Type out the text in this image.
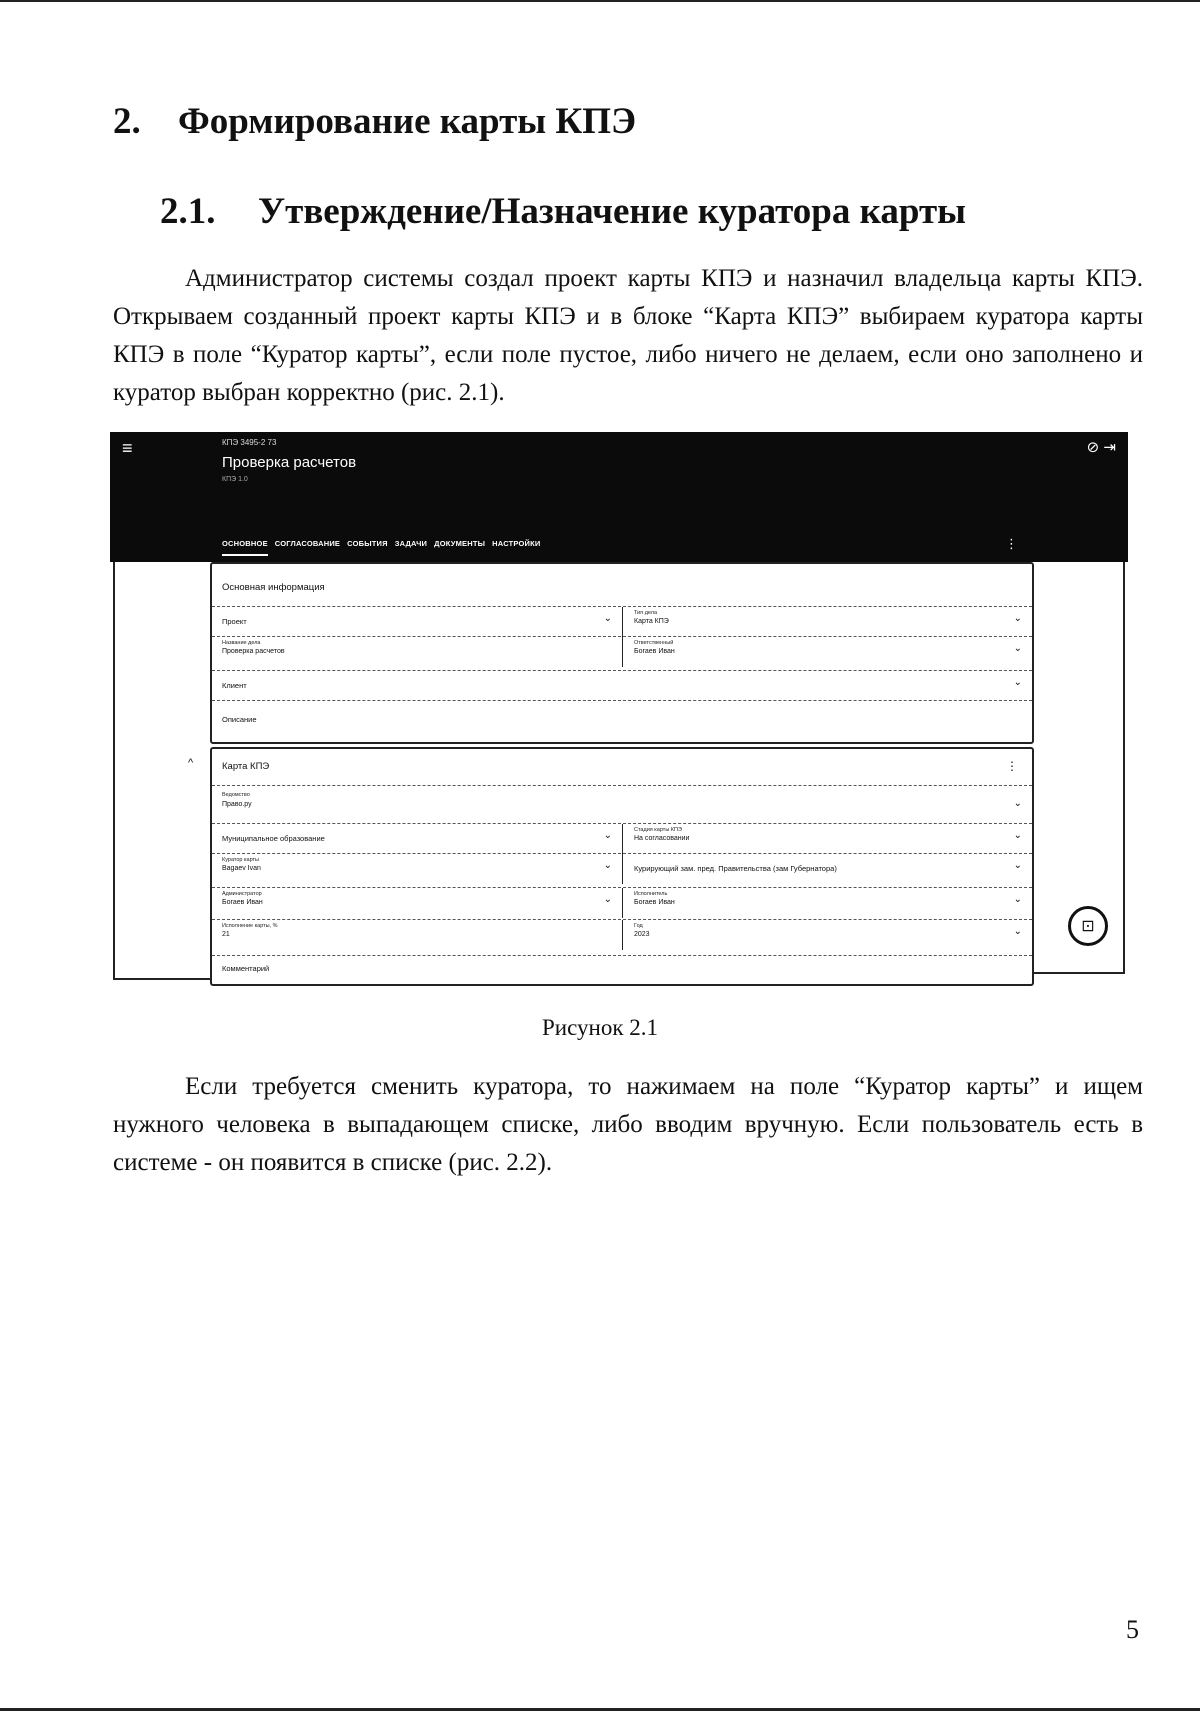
2. Формирование карты КПЭ
2.1. Утверждение/Назначение куратора карты
Администратор системы создал проект карты КПЭ и назначил владельца карты КПЭ. Открываем созданный проект карты КПЭ и в блоке “Карта КПЭ” выбираем куратора карты КПЭ в поле “Куратор карты”, если поле пустое, либо ничего не делаем, если оно заполнено и куратор выбран корректно (рис. 2.1).
≡	КПЭ 3495-2 73
Проверка расчетов
КПЭ 1.0
⊘ ⇥
ОСНОВНОЕ СОГЛАСОВАНИЕ СОБЫТИЯ ЗАДАЧИ ДОКУМЕНТЫ НАСТРОЙКИ	⋮
Основная информация
Проект	⌄	Тип дела
Карта КПЭ	⌄
Название дела
Проверка расчетов
Ответственный
Богаев Иван	⌄
Клиент	⌄
Описание
^	Карта КПЭ	⋮
Ведомство
Право.ру	⌄
Муниципальное образование	⌄	Стадия карты КПЭ
На согласовании	⌄
Куратор карты
Bagaev Ivan	⌄	Курирующий зам. пред. Правительства (зам Губернатора)	⌄
Администратор
Богаев Иван	⌄	Исполнитель
Богаев Иван	⌄
Исполнение карты, %
21
Год
2023	⌄
Комментарий
⊡
Рисунок 2.1
Если требуется сменить куратора, то нажимаем на поле “Куратор карты” и ищем нужного человека в выпадающем списке, либо вводим вручную. Если пользователь есть в системе - он появится в списке (рис. 2.2).
5
